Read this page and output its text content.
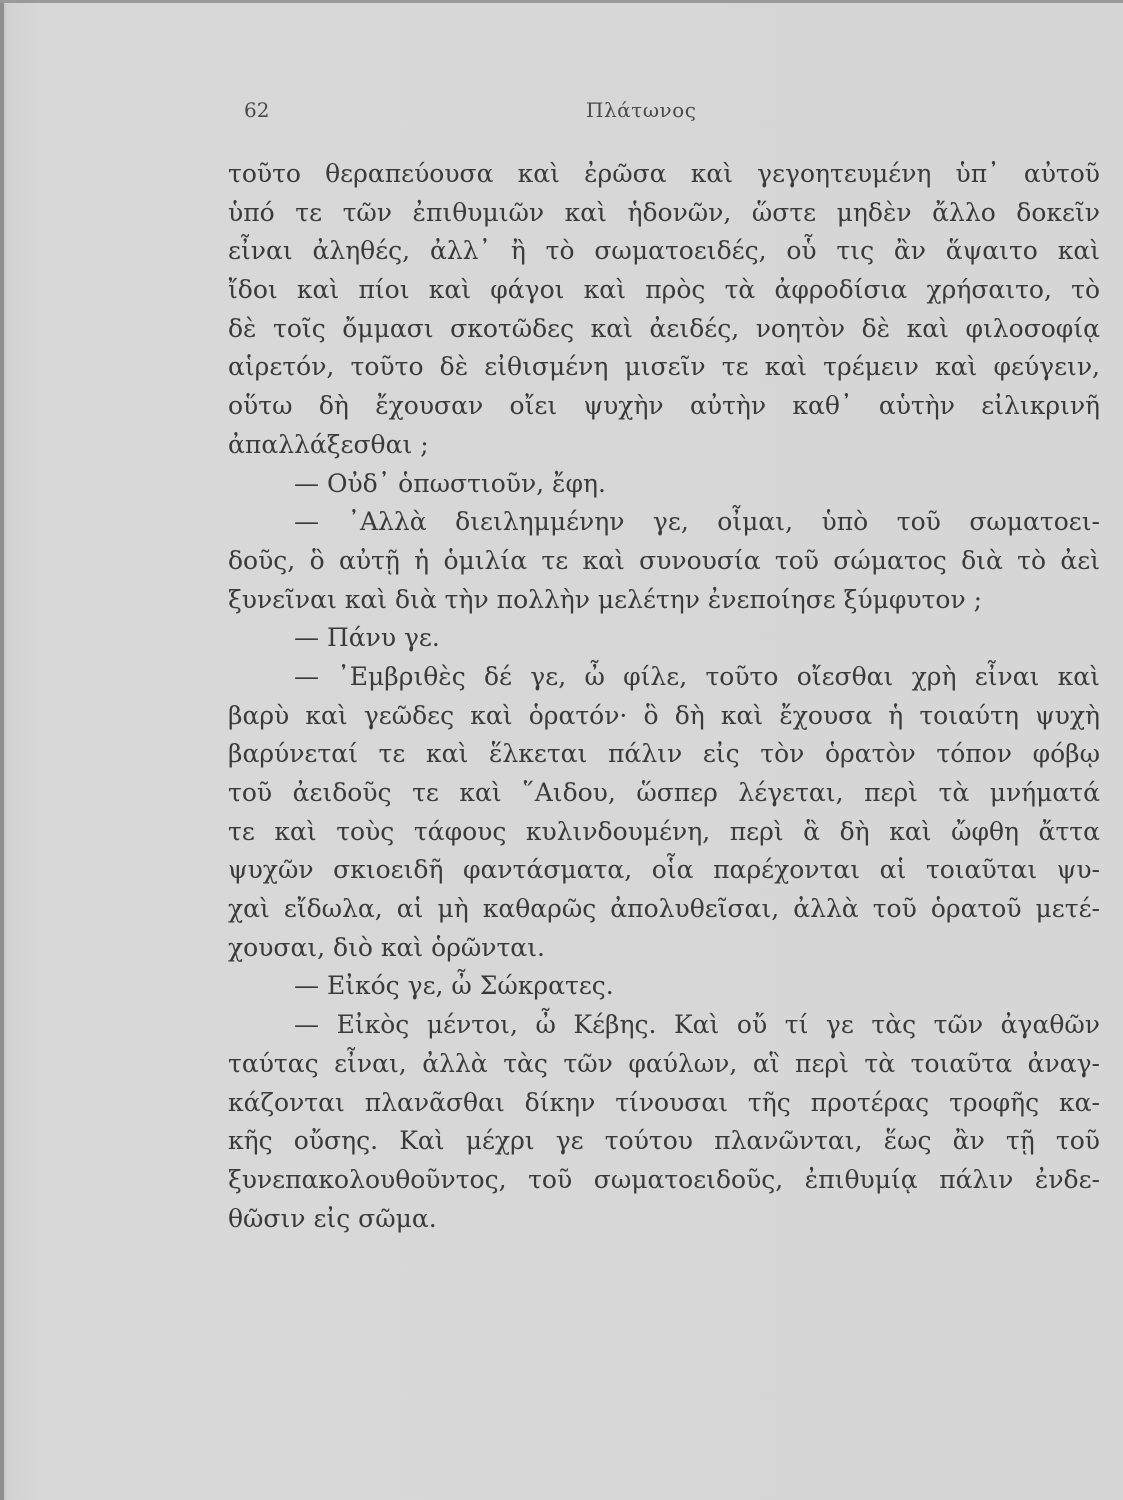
62	Πλάτωνος
τοῦτο θεραπεύουσα καὶ ἐρῶσα καὶ γεγοητευμένη ὑπ᾽ αὐτοῦ
ὑπό τε τῶν ἐπιθυμιῶν καὶ ἡδονῶν, ὥστε μηδὲν ἄλλο δοκεῖν
εἶναι ἀληθές, ἀλλ᾽ ἢ τὸ σωματοειδές, οὗ τις ἂν ἅψαιτο καὶ
ἴδοι καὶ πίοι καὶ φάγοι καὶ πρὸς τὰ ἀφροδίσια χρήσαιτο, τὸ
δὲ τοῖς ὄμμασι σκοτῶδες καὶ ἀειδές, νοητὸν δὲ καὶ φιλοσοφίᾳ
αἱρετόν, τοῦτο δὲ εἰθισμένη μισεῖν τε καὶ τρέμειν καὶ φεύγειν,
οὕτω δὴ ἔχουσαν οἴει ψυχὴν αὐτὴν καθ᾽ αὑτὴν εἰλικρινῆ
ἀπαλλάξεσθαι ;
— Οὐδ᾽ ὁπωστιοῦν, ἔφη.
— ᾽Αλλὰ διειλημμένην γε, οἶμαι, ὑπὸ τοῦ σωματοει-
δοῦς, ὃ αὐτῇ ἡ ὁμιλία τε καὶ συνουσία τοῦ σώματος διὰ τὸ ἀεὶ
ξυνεῖναι καὶ διὰ τὴν πολλὴν μελέτην ἐνεποίησε ξύμφυτον ;
— Πάνυ γε.
— ᾽Εμβριθὲς δέ γε, ὦ φίλε, τοῦτο οἴεσθαι χρὴ εἶναι καὶ
βαρὺ καὶ γεῶδες καὶ ὁρατόν· ὃ δὴ καὶ ἔχουσα ἡ τοιαύτη ψυχὴ
βαρύνεταί τε καὶ ἕλκεται πάλιν εἰς τὸν ὁρατὸν τόπον φόβῳ
τοῦ ἀειδοῦς τε καὶ ῞Αιδου, ὥσπερ λέγεται, περὶ τὰ μνήματά
τε καὶ τοὺς τάφους κυλινδουμένη, περὶ ἃ δὴ καὶ ὤφθη ἄττα
ψυχῶν σκιοειδῆ φαντάσματα, οἷα παρέχονται αἱ τοιαῦται ψυ-
χαὶ εἴδωλα, αἱ μὴ καθαρῶς ἀπολυθεῖσαι, ἀλλὰ τοῦ ὁρατοῦ μετέ-
χουσαι, διὸ καὶ ὁρῶνται.
— Εἰκός γε, ὦ Σώκρατες.
— Εἰκὸς μέντοι, ὦ Κέβης. Καὶ οὔ τί γε τὰς τῶν ἀγαθῶν
ταύτας εἶναι, ἀλλὰ τὰς τῶν φαύλων, αἳ περὶ τὰ τοιαῦτα ἀναγ-
κάζονται πλανᾶσθαι δίκην τίνουσαι τῆς προτέρας τροφῆς κα-
κῆς οὔσης. Καὶ μέχρι γε τούτου πλανῶνται, ἕως ἂν τῇ τοῦ
ξυνεπακολουθοῦντος, τοῦ σωματοειδοῦς, ἐπιθυμίᾳ πάλιν ἐνδε-
θῶσιν εἰς σῶμα.
